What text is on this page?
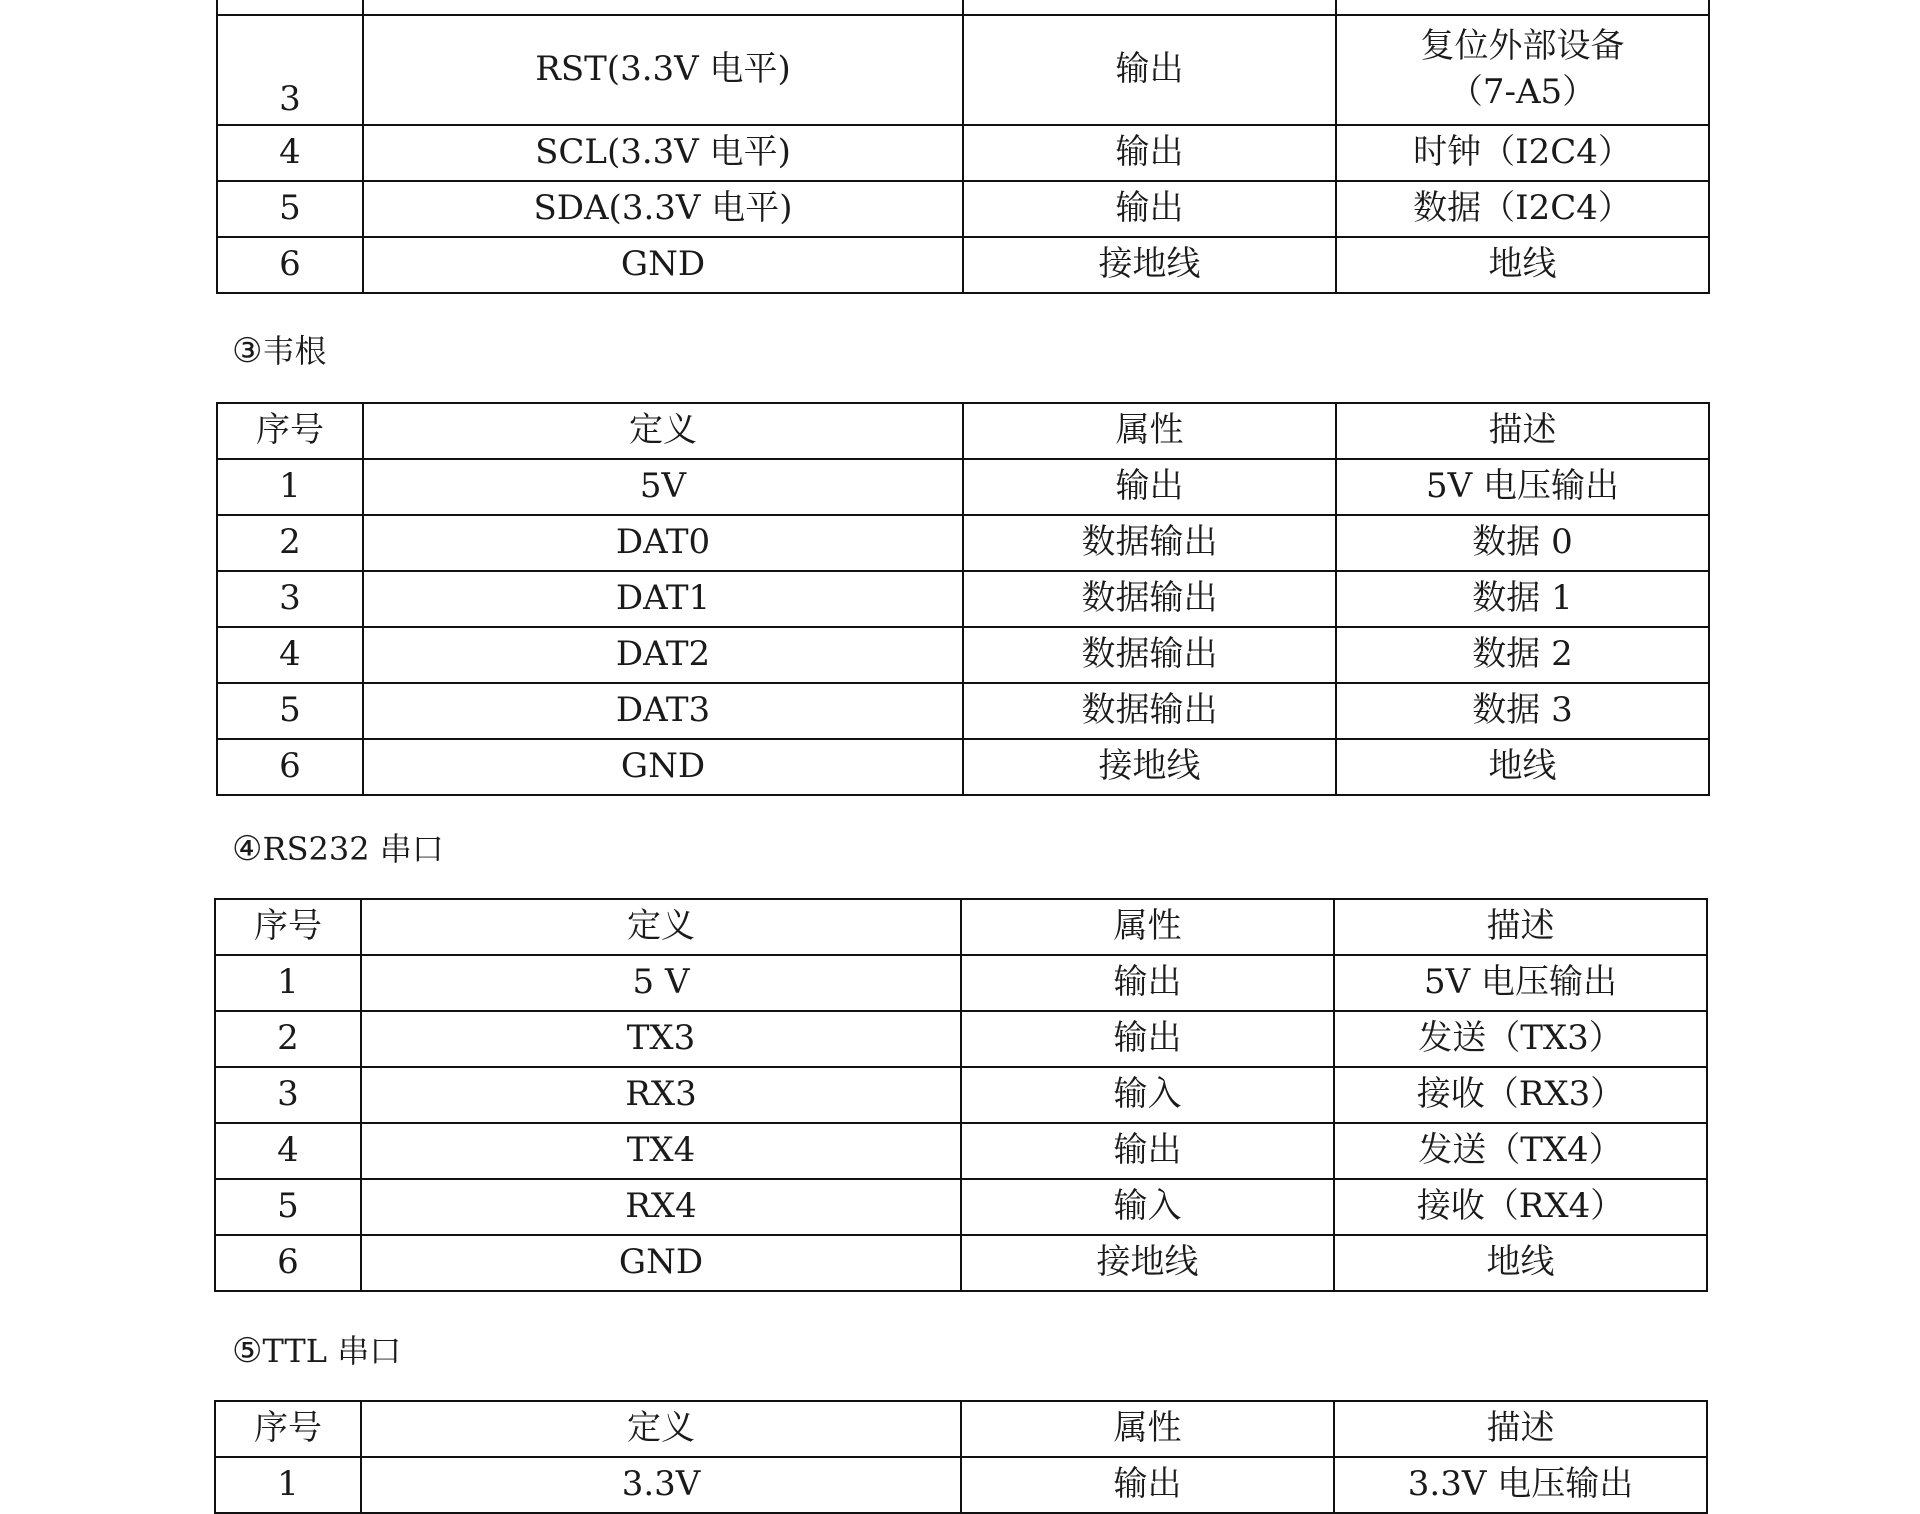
3	RST(3.3V 电平)	输出	复位外部设备
（7-A5）

4	SCL(3.3V 电平)	输出	时钟（I2C4）
5	SDA(3.3V 电平)	输出	数据（I2C4）
6	GND	接地线	地线
③韦根
序号	定义	属性	描述
1	5V	输出	5V 电压输出
2	DAT0	数据输出	数据 0
3	DAT1	数据输出	数据 1
4	DAT2	数据输出	数据 2
5	DAT3	数据输出	数据 3
6	GND	接地线	地线
④RS232 串口
序号	定义	属性	描述
1	5 V	输出	5V 电压输出
2	TX3	输出	发送（TX3）
3	RX3	输入	接收（RX3）
4	TX4	输出	发送（TX4）
5	RX4	输入	接收（RX4）
6	GND	接地线	地线
⑤TTL 串口
序号	定义	属性	描述
1	3.3V	输出	3.3V 电压输出
